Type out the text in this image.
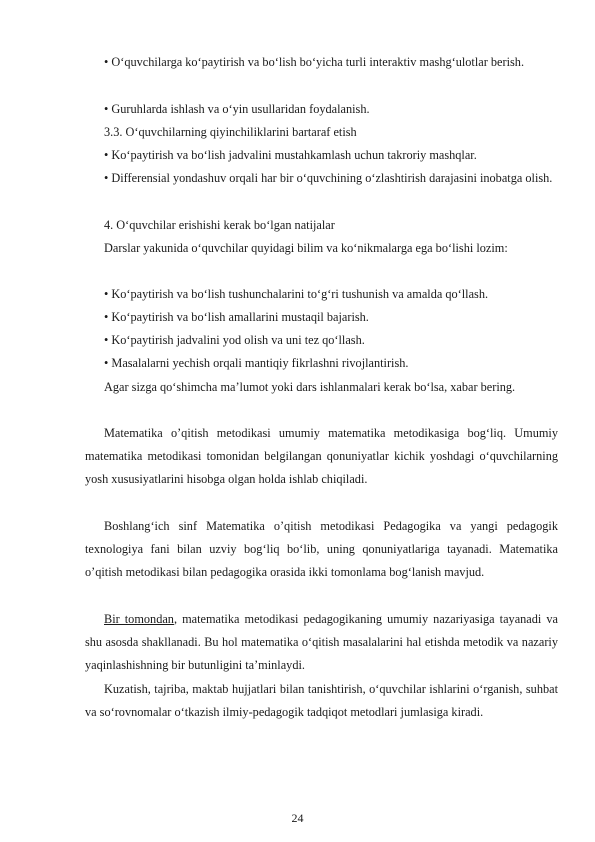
• O‘quvchilarga ko‘paytirish va bo‘lish bo‘yicha turli interaktiv mashg‘ulotlar berish.

• Guruhlarda ishlash va o‘yin usullaridan foydalanish.

3.3. O‘quvchilarning qiyinchiliklarini bartaraf etish

• Ko‘paytirish va bo‘lish jadvalini mustahkamlash uchun takroriy mashqlar.

• Differensial yondashuv orqali har bir o‘quvchining o‘zlashtirish darajasini inobatga olish.

4. O‘quvchilar erishishi kerak bo‘lgan natijalar

Darslar yakunida o‘quvchilar quyidagi bilim va ko‘nikmalarga ega bo‘lishi lozim:

• Ko‘paytirish va bo‘lish tushunchalarini to‘g‘ri tushunish va amalda qo‘llash.

• Ko‘paytirish va bo‘lish amallarini mustaqil bajarish.

• Ko‘paytirish jadvalini yod olish va uni tez qo‘llash.

• Masalalarni yechish orqali mantiqiy fikrlashni rivojlantirish.

Agar sizga qo‘shimcha ma’lumot yoki dars ishlanmalari kerak bo‘lsa, xabar bering.

Matematika o’qitish metodikasi umumiy matematika metodikasiga bog‘liq. Umumiy matematika metodikasi tomonidan belgilangan qonuniyatlar kichik yoshdagi o‘quvchilarning yosh xususiyatlarini hisobga olgan holda ishlab chiqiladi.

Boshlang‘ich sinf Matematika o’qitish metodikasi Pedagogika va yangi pedagogik texnologiya fani bilan uzviy bog‘liq bo‘lib, uning qonuniyatlariga tayanadi. Matematika o’qitish metodikasi bilan pedagogika orasida ikki tomonlama bog‘lanish mavjud.

Bir tomondan, matematika metodikasi pedagogikaning umumiy nazariyasiga tayanadi va shu asosda shakllanadi. Bu hol matematika o‘qitish masalalarini hal etishda metodik va nazariy yaqinlashishning bir butunligini ta’minlaydi.

Kuzatish, tajriba, maktab hujjatlari bilan tanishtirish, o‘quvchilar ishlarini o‘rganish, suhbat va so‘rovnomalar o‘tkazish ilmiy-pedagogik tadqiqot metodlari jumlasiga kiradi.

24
